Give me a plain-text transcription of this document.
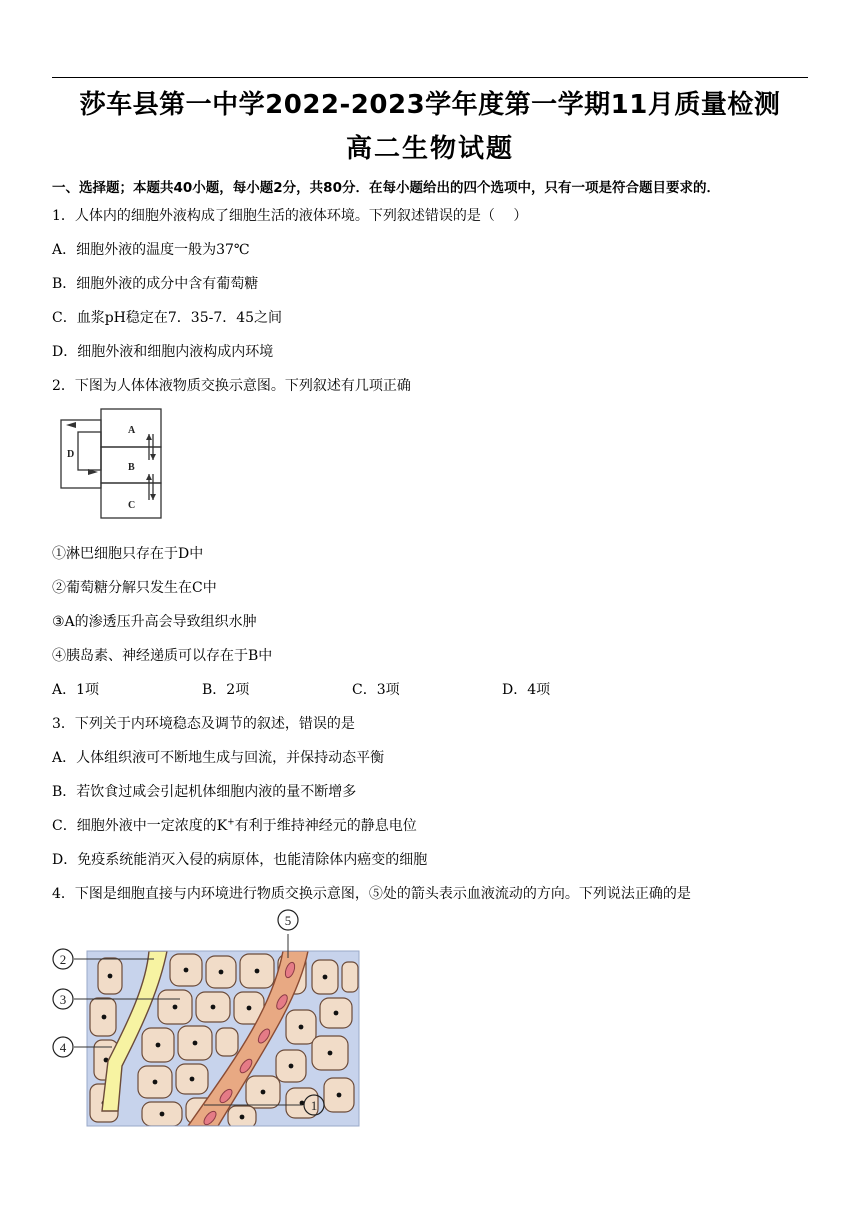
莎车县第一中学2022-2023学年度第一学期11月质量检测
高二生物试题
一、选择题；本题共40小题，每小题2分，共80分．在每小题给出的四个选项中，只有一项是符合题目要求的．
1．人体内的细胞外液构成了细胞生活的液体环境。下列叙述错误的是（　 ）
A．细胞外液的温度一般为37℃
B．细胞外液的成分中含有葡萄糖
C．血浆pH稳定在7．35-7．45之间
D．细胞外液和细胞内液构成内环境
2．下图为人体体液物质交换示意图。下列叙述有几项正确
A
B
C
D
①淋巴细胞只存在于D中
②葡萄糖分解只发生在C中
③A的渗透压升高会导致组织水肿
④胰岛素、神经递质可以存在于B中
A．1项	B．2项	C．3项	D．4项
3．下列关于内环境稳态及调节的叙述，错误的是
A．人体组织液可不断地生成与回流，并保持动态平衡
B．若饮食过咸会引起机体细胞内液的量不断增多
C．细胞外液中一定浓度的K+有利于维持神经元的静息电位
D．免疫系统能消灭入侵的病原体，也能清除体内癌变的细胞
4．下图是细胞直接与内环境进行物质交换示意图，⑤处的箭头表示血液流动的方向。下列说法正确的是
2
3
4
5
1
